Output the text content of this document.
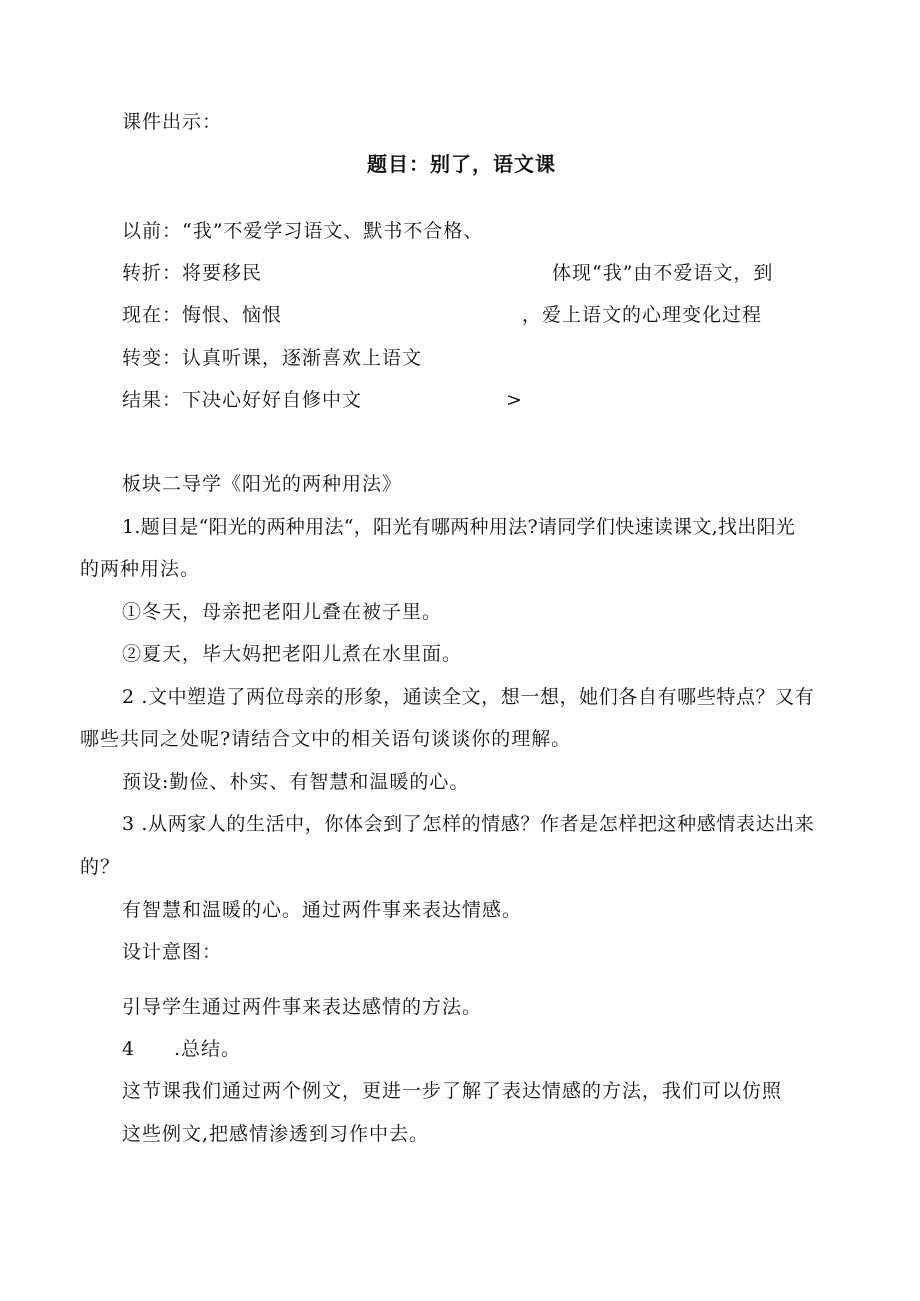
课件出示：
题目：别了，语文课
以前：“我”不爱学习语文、默书不合格、
转折：将要移民	体现“我”由不爱语文，到
现在：悔恨、恼恨	，爱上语文的心理变化过程
转变：认真听课，逐渐喜欢上语文
结果：下决心好好自修中文	>
板块二导学《阳光的两种用法》
1.题目是“阳光的两种用法“，阳光有哪两种用法?请同学们快速读课文,找出阳光
的两种用法。
①冬天，母亲把老阳儿叠在被子里。
②夏天，毕大妈把老阳儿煮在水里面。
2 .文中塑造了两位母亲的形象，通读全文，想一想，她们各自有哪些特点？又有
哪些共同之处呢?请结合文中的相关语句谈谈你的理解。
预设:勤俭、朴实、有智慧和温暖的心。
3 .从两家人的生活中，你体会到了怎样的情感？作者是怎样把这种感情表达出来
的？
有智慧和温暖的心。通过两件事来表达情感。
设计意图：
引导学生通过两件事来表达感情的方法。
4 .总结。
这节课我们通过两个例文，更进一步了解了表达情感的方法，我们可以仿照
这些例文,把感情渗透到习作中去。
